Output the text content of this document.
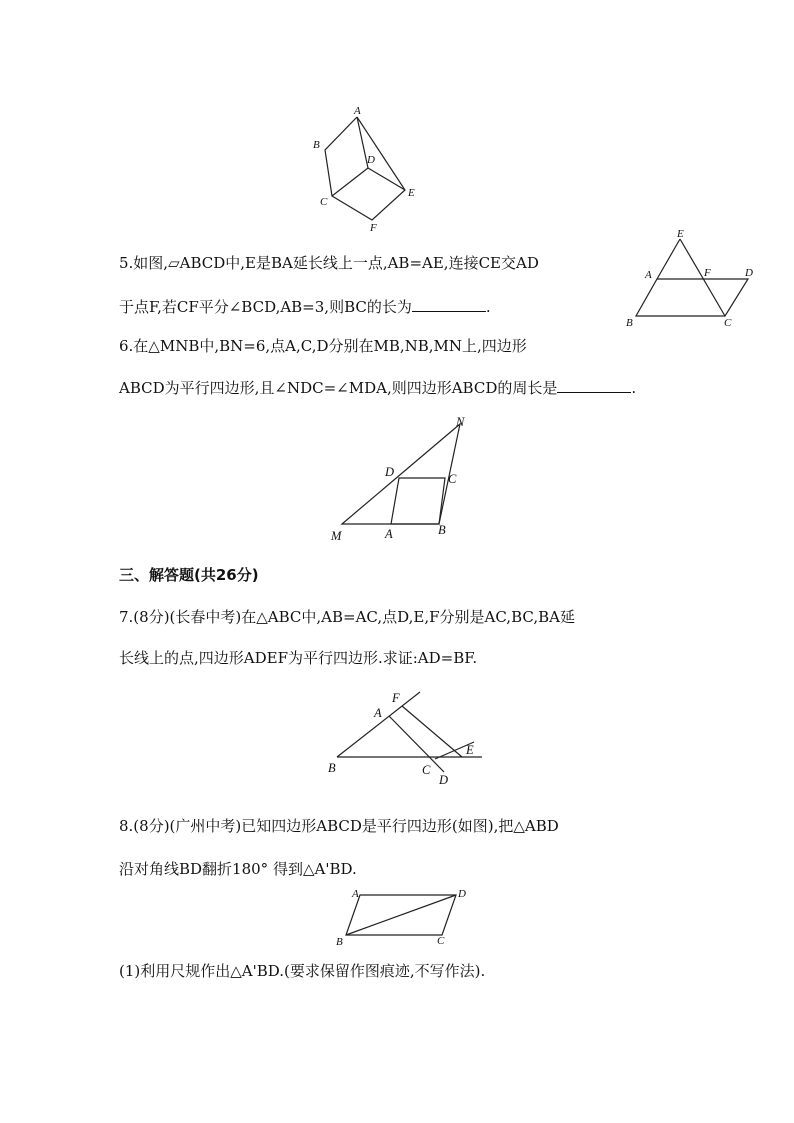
A
B
D
E
C
F
5.如图,▱ABCD中,E是BA延长线上一点,AB=AE,连接CE交AD
于点F,若CF平分∠BCD,AB=3,则BC的长为	.
E
A	F	D
B	C
6.在△MNB中,BN=6,点A,C,D分别在MB,NB,MN上,四边形
ABCD为平行四边形,且∠NDC=∠MDA,则四边形ABCD的周长是	.
N
D	C
M	A	B
三、解答题(共26分)
7.(8分)(长春中考)在△ABC中,AB=AC,点D,E,F分别是AC,BC,BA延
长线上的点,四边形ADEF为平行四边形.求证:AD=BF.
F
A
E
B	C
D
8.(8分)(广州中考)已知四边形ABCD是平行四边形(如图),把△ABD
沿对角线BD翻折180° 得到△A'BD.
A	D
B	C
(1)利用尺规作出△A'BD.(要求保留作图痕迹,不写作法).
